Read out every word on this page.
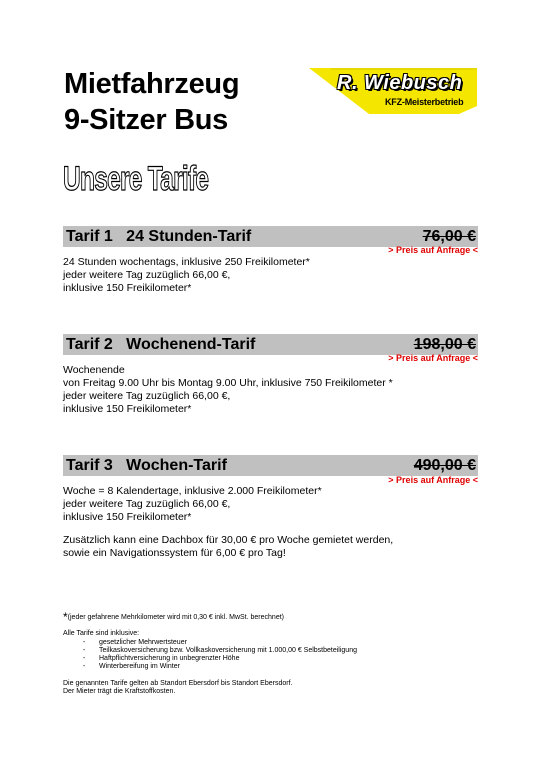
Mietfahrzeug
9-Sitzer Bus
R. Wiebusch
KFZ-Meisterbetrieb
Unsere Tarife
Tarif 1   24 Stunden-Tarif	76,00 €
> Preis auf Anfrage <
24 Stunden wochentags, inklusive 250 Freikilometer*
jeder weitere Tag zuzüglich 66,00 €,
inklusive 150 Freikilometer*
Tarif 2   Wochenend-Tarif	198,00 €
> Preis auf Anfrage <
Wochenende
von Freitag 9.00 Uhr bis Montag 9.00 Uhr, inklusive 750 Freikilometer *
jeder weitere Tag zuzüglich 66,00 €,
inklusive 150 Freikilometer*
Tarif 3   Wochen-Tarif	490,00 €
> Preis auf Anfrage <
Woche = 8 Kalendertage, inklusive 2.000 Freikilometer*
jeder weitere Tag zuzüglich 66,00 €,
inklusive 150 Freikilometer*
Zusätzlich kann eine Dachbox für 30,00 € pro Woche gemietet werden,
sowie ein Navigationssystem für 6,00 € pro Tag!
*(jeder gefahrene Mehrkilometer wird mit 0,30 € inkl. MwSt. berechnet)
Alle Tarife sind inklusive:
- gesetzlicher Mehrwertsteuer
- Teilkaskoversicherung bzw. Vollkaskoversicherung mit 1.000,00 € Selbstbeteiligung
- Haftpflichtversicherung in unbegrenzter Höhe
- Winterbereifung im Winter
Die genannten Tarife gelten ab Standort Ebersdorf bis Standort Ebersdorf.
Der Mieter trägt die Kraftstoffkosten.
